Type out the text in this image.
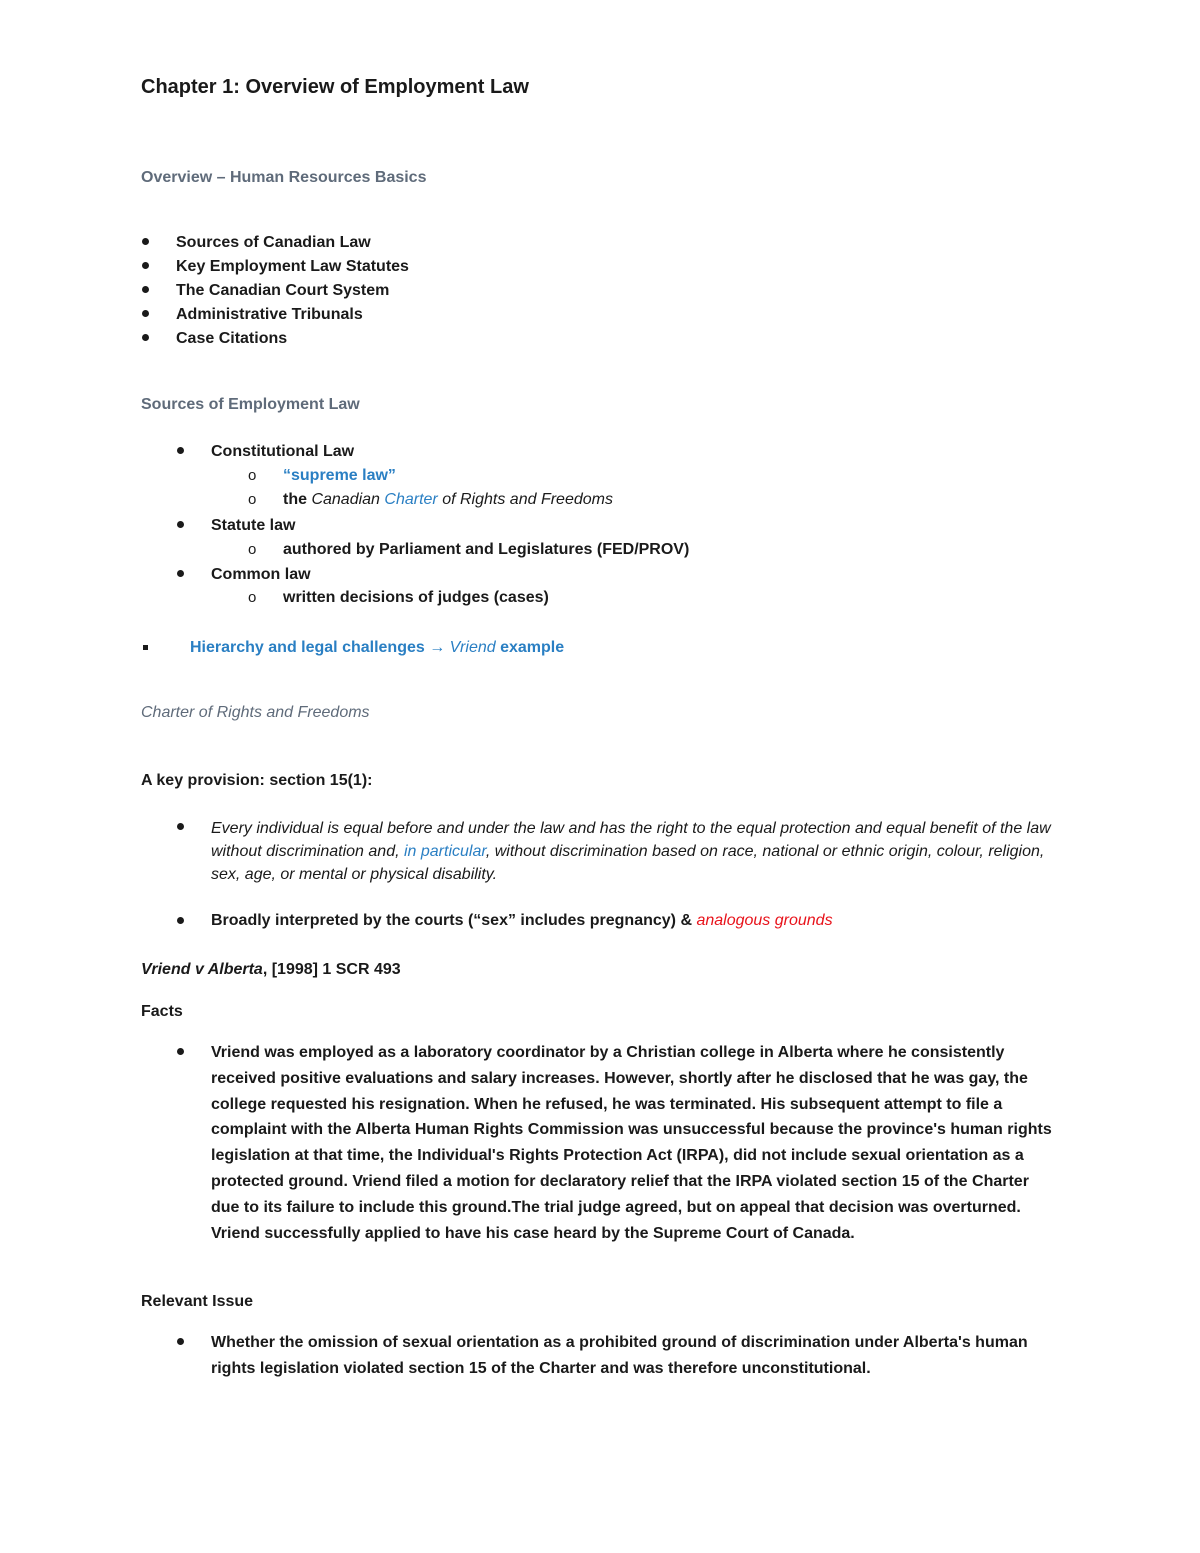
Chapter 1: Overview of Employment Law
Overview – Human Resources Basics
Sources of Canadian Law
Key Employment Law Statutes
The Canadian Court System
Administrative Tribunals
Case Citations
Sources of Employment Law
Constitutional Law
o “supreme law”
o the Canadian Charter of Rights and Freedoms
Statute law
o authored by Parliament and Legislatures (FED/PROV)
Common law
o written decisions of judges (cases)
Hierarchy and legal challenges → Vriend example
Charter of Rights and Freedoms
A key provision: section 15(1):
Every individual is equal before and under the law and has the right to the equal protection and equal benefit of the law without discrimination and, in particular, without discrimination based on race, national or ethnic origin, colour, religion, sex, age, or mental or physical disability.
Broadly interpreted by the courts (“sex” includes pregnancy) & analogous grounds
Vriend v Alberta, [1998] 1 SCR 493
Facts
Vriend was employed as a laboratory coordinator by a Christian college in Alberta where he consistently received positive evaluations and salary increases. However, shortly after he disclosed that he was gay, the college requested his resignation. When he refused, he was terminated. His subsequent attempt to file a complaint with the Alberta Human Rights Commission was unsuccessful because the province's human rights legislation at that time, the Individual's Rights Protection Act (IRPA), did not include sexual orientation as a protected ground. Vriend filed a motion for declaratory relief that the IRPA violated section 15 of the Charter due to its failure to include this ground.The trial judge agreed, but on appeal that decision was overturned. Vriend successfully applied to have his case heard by the Supreme Court of Canada.
Relevant Issue
Whether the omission of sexual orientation as a prohibited ground of discrimination under Alberta's human rights legislation violated section 15 of the Charter and was therefore unconstitutional.
